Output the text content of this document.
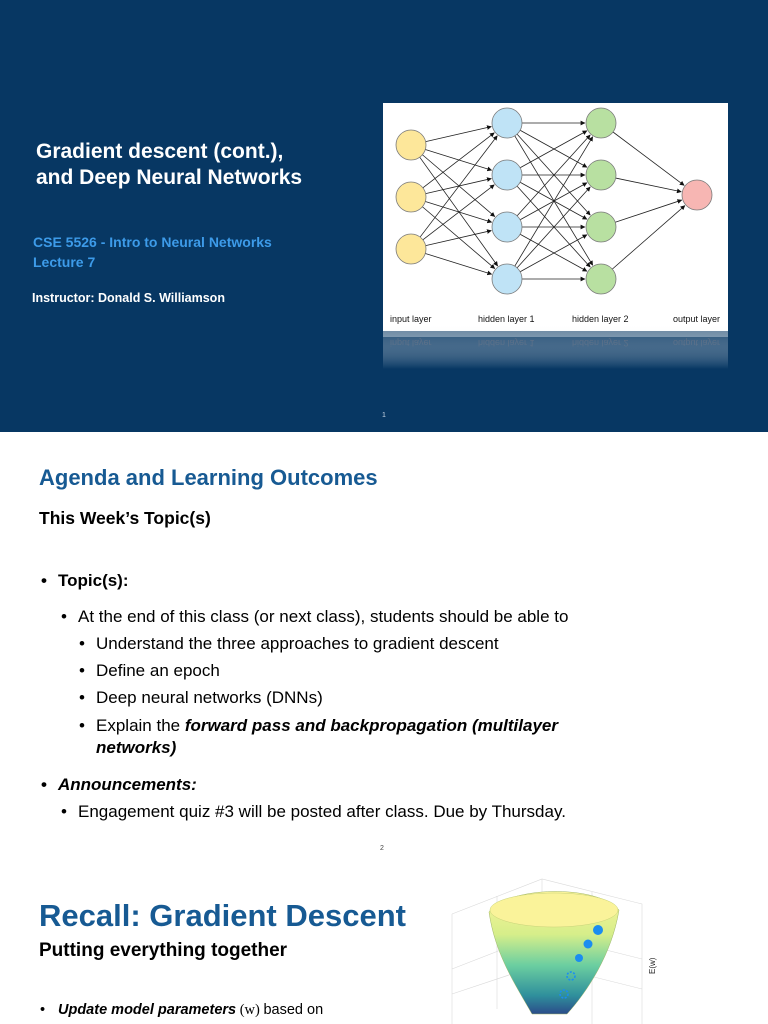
Gradient descent (cont.),
and Deep Neural Networks
CSE 5526 - Intro to Neural Networks
Lecture 7
Instructor: Donald S. Williamson
1
input layer	hidden layer 1	hidden layer 2	output layer
Agenda and Learning Outcomes
This Week’s Topic(s)
• Topic(s):
• At the end of this class (or next class), students should be able to
• Understand the three approaches to gradient descent
• Define an epoch
• Deep neural networks (DNNs)
• Explain the forward pass and backpropagation (multilayer
networks)
• Announcements:
• Engagement quiz #3 will be posted after class. Due by Thursday.
2
Recall: Gradient Descent
Putting everything together
• Update model parameters (w) based on
E(w)
